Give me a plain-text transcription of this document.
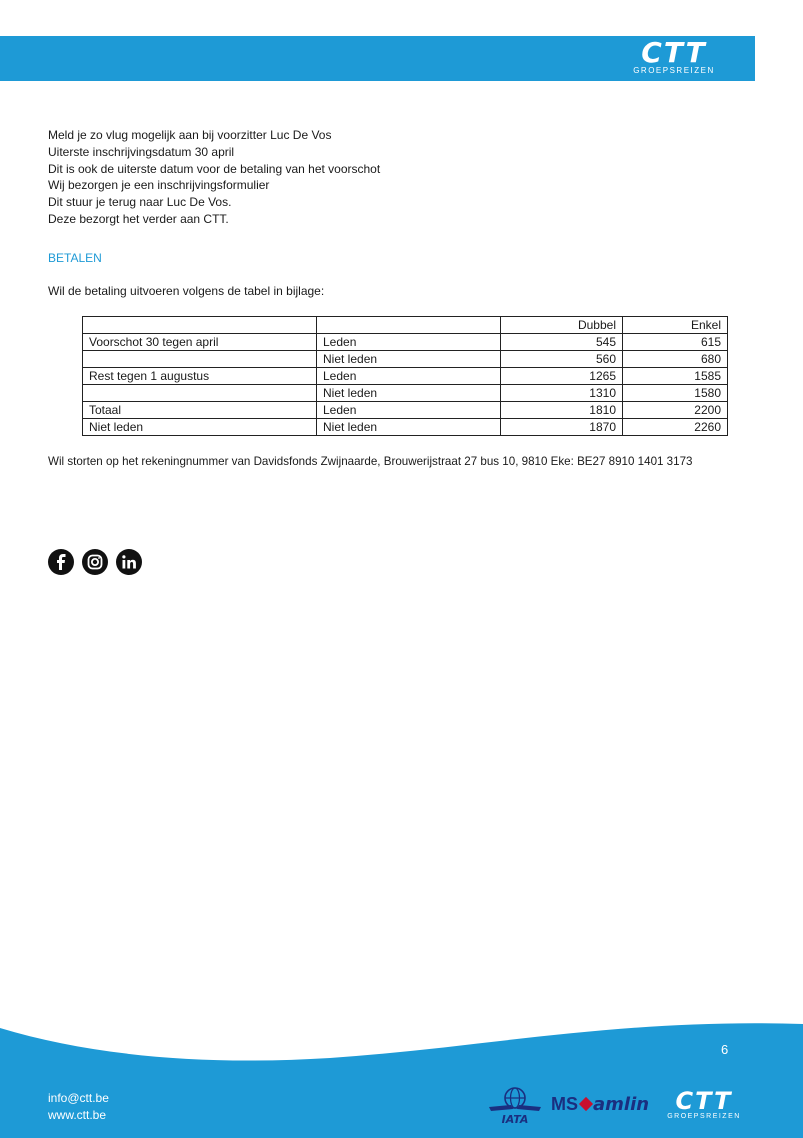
CTT
GROEPSREIZEN
Meld je zo vlug mogelijk aan bij voorzitter Luc De Vos
Uiterste inschrijvingsdatum 30 april
Dit is ook de uiterste datum voor de betaling van het voorschot
Wij bezorgen je een inschrijvingsformulier
Dit stuur je terug naar Luc De Vos.
Deze bezorgt het verder aan CTT.
BETALEN
Wil de betaling uitvoeren volgens de tabel in bijlage:
		Dubbel	Enkel
Voorschot 30 tegen april	Leden	545	615
	Niet leden	560	680
Rest tegen 1 augustus	Leden	1265	1585
	Niet leden	1310	1580
Totaal	Leden	1810	2200
Niet leden	Niet leden	1870	2260
Wil storten op het rekeningnummer van Davidsfonds Zwijnaarde, Brouwerijstraat 27 bus 10, 9810 Eke: BE27 8910 1401 3173
6
info@ctt.be
www.ctt.be	IATA
MS amlin	CTT
GROEPSREIZEN
